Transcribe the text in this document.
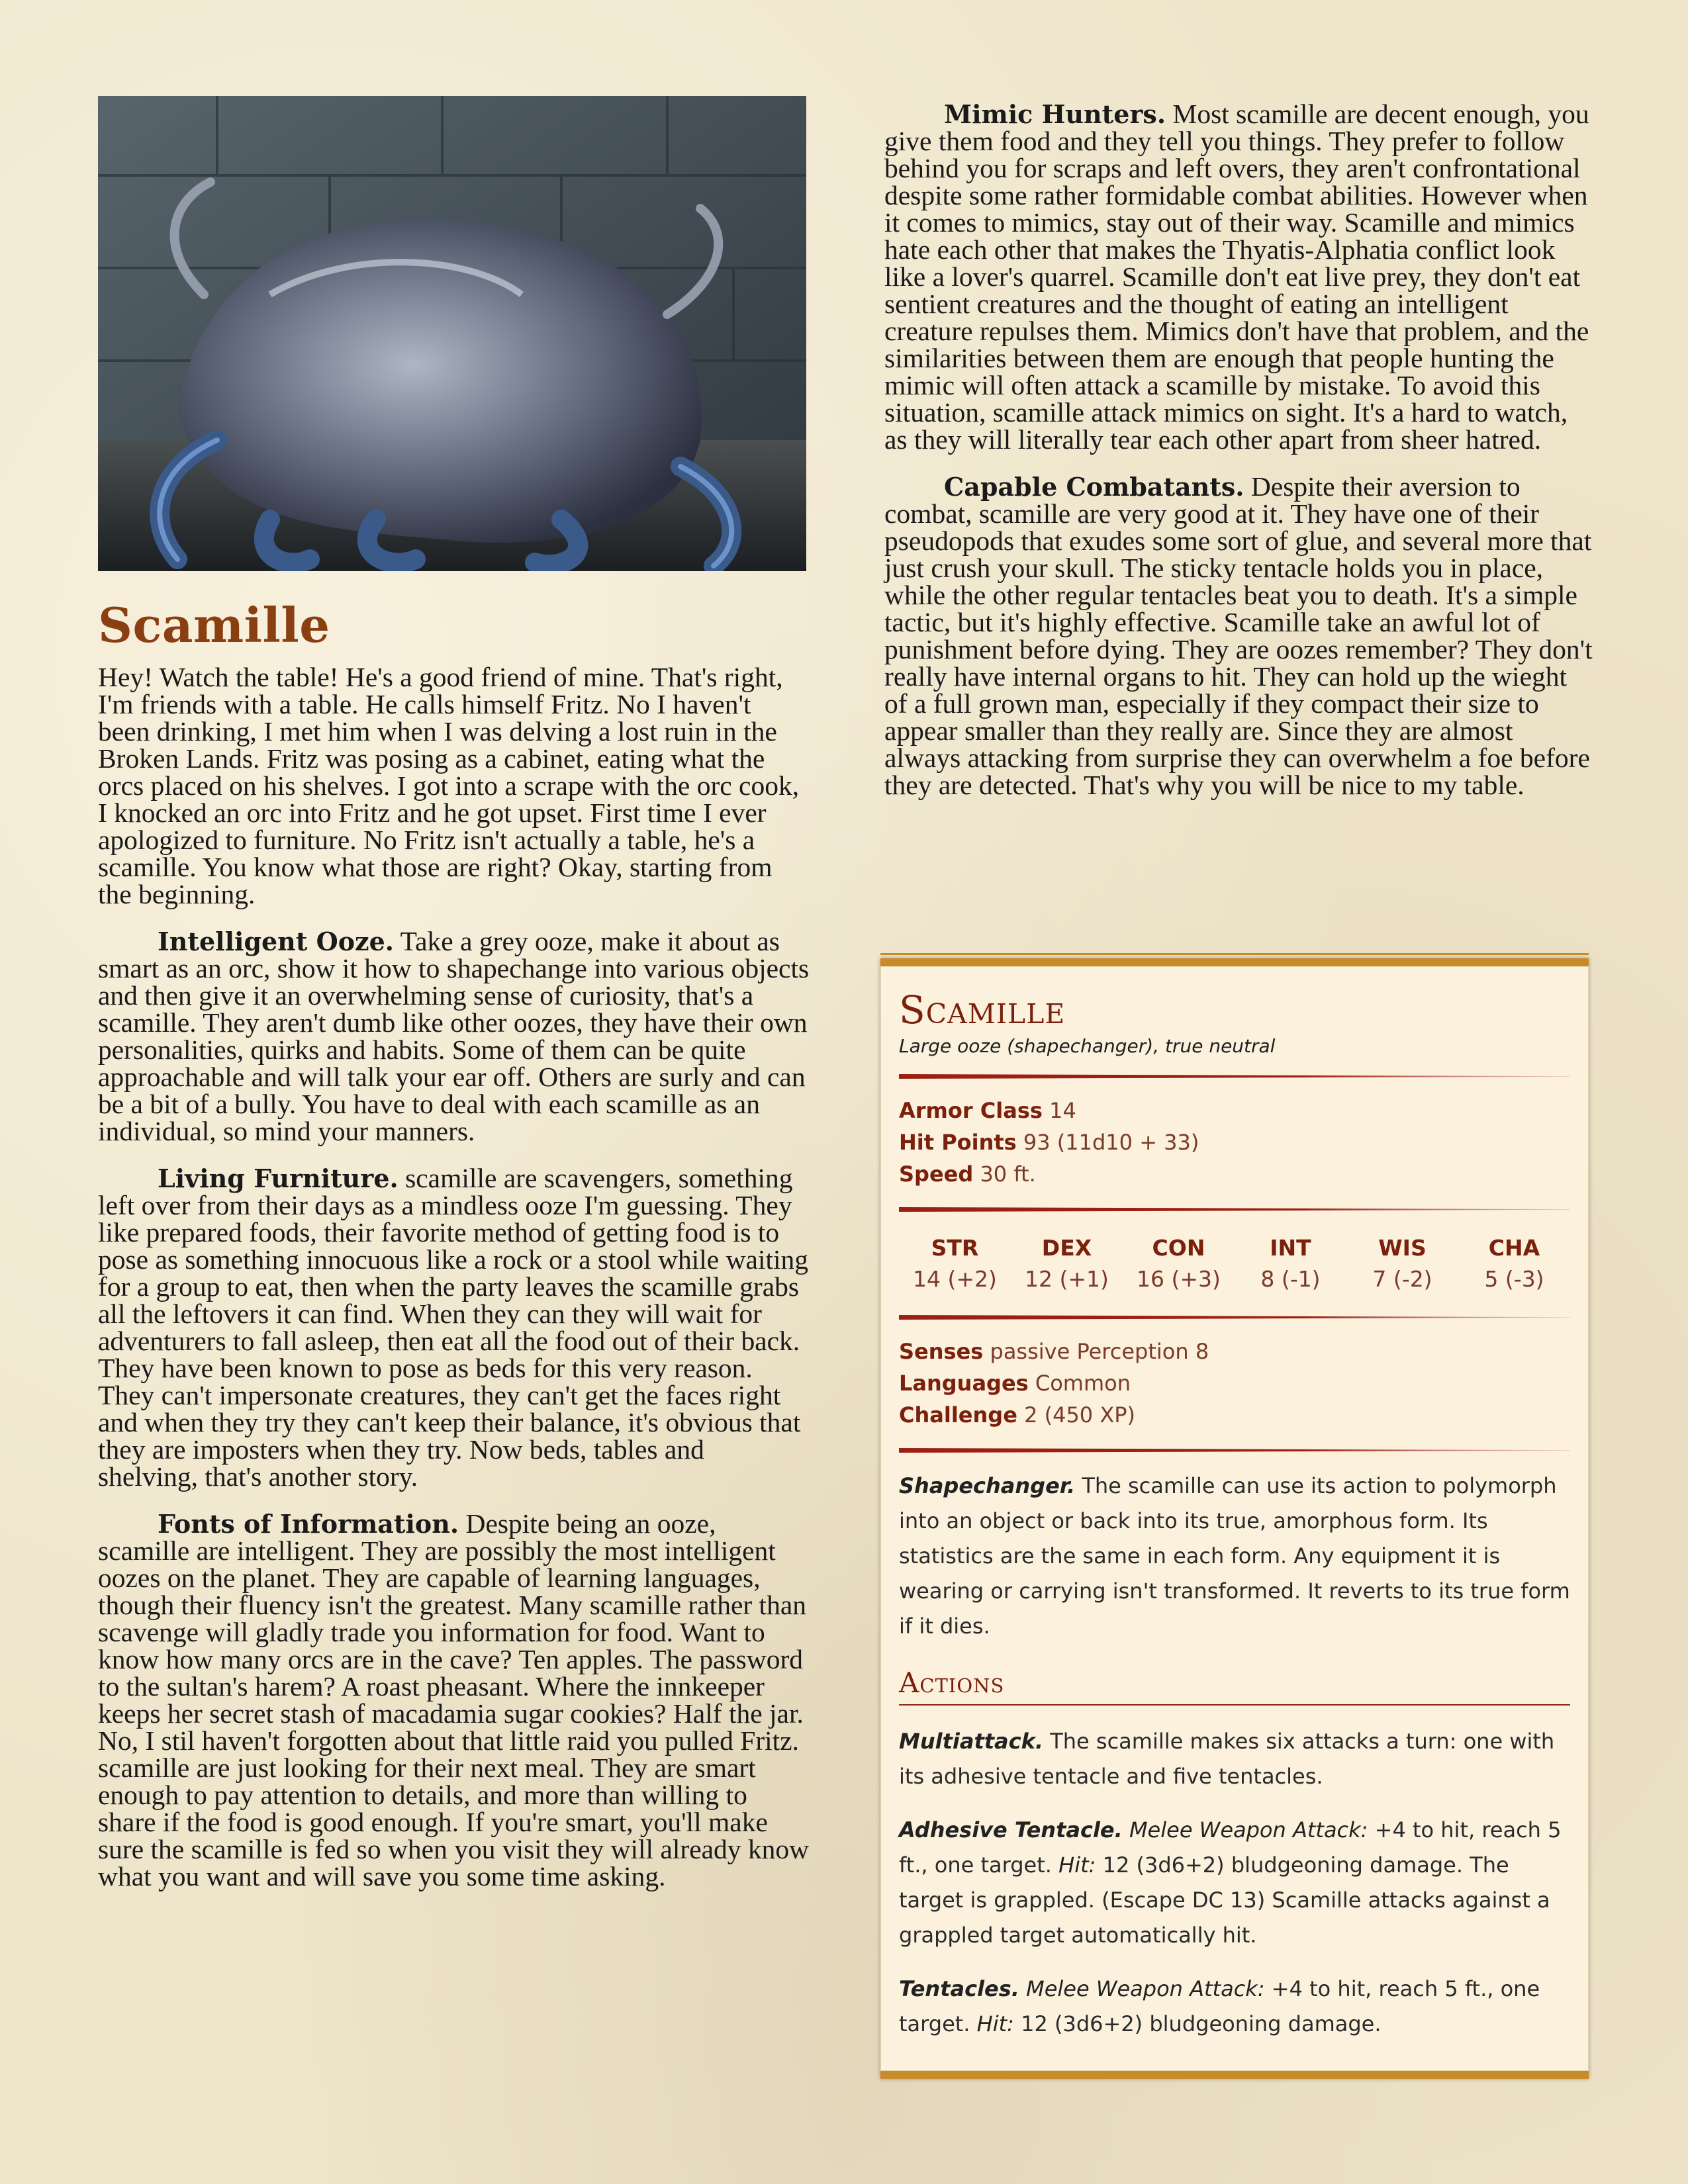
Scamille

Hey! Watch the table! He's a good friend of mine. That's right, I'm friends with a table. He calls himself Fritz. No I haven't been drinking, I met him when I was delving a lost ruin in the Broken Lands. Fritz was posing as a cabinet, eating what the orcs placed on his shelves. I got into a scrape with the orc cook, I knocked an orc into Fritz and he got upset. First time I ever apologized to furniture. No Fritz isn't actually a table, he's a scamille. You know what those are right? Okay, starting from the beginning.

Intelligent Ooze. Take a grey ooze, make it about as smart as an orc, show it how to shapechange into various objects and then give it an overwhelming sense of curiosity, that's a scamille. They aren't dumb like other oozes, they have their own personalities, quirks and habits. Some of them can be quite approachable and will talk your ear off. Others are surly and can be a bit of a bully. You have to deal with each scamille as an individual, so mind your manners.

Living Furniture. scamille are scavengers, something left over from their days as a mindless ooze I'm guessing. They like prepared foods, their favorite method of getting food is to pose as something innocuous like a rock or a stool while waiting for a group to eat, then when the party leaves the scamille grabs all the leftovers it can find. When they can they will wait for adventurers to fall asleep, then eat all the food out of their back. They have been known to pose as beds for this very reason. They can't impersonate creatures, they can't get the faces right and when they try they can't keep their balance, it's obvious that they are imposters when they try. Now beds, tables and shelving, that's another story.

Fonts of Information. Despite being an ooze, scamille are intelligent. They are possibly the most intelligent oozes on the planet. They are capable of learning languages, though their fluency isn't the greatest. Many scamille rather than scavenge will gladly trade you information for food. Want to know how many orcs are in the cave? Ten apples. The password to the sultan's harem? A roast pheasant. Where the innkeeper keeps her secret stash of macadamia sugar cookies? Half the jar. No, I stil haven't forgotten about that little raid you pulled Fritz. scamille are just looking for their next meal. They are smart enough to pay attention to details, and more than willing to share if the food is good enough. If you're smart, you'll make sure the scamille is fed so when you visit they will already know what you want and will save you some time asking.

Mimic Hunters. Most scamille are decent enough, you give them food and they tell you things. They prefer to follow behind you for scraps and left overs, they aren't confrontational despite some rather formidable combat abilities. However when it comes to mimics, stay out of their way. Scamille and mimics hate each other that makes the Thyatis-Alphatia conflict look like a lover's quarrel. Scamille don't eat live prey, they don't eat sentient creatures and the thought of eating an intelligent creature repulses them. Mimics don't have that problem, and the similarities between them are enough that people hunting the mimic will often attack a scamille by mistake. To avoid this situation, scamille attack mimics on sight. It's a hard to watch, as they will literally tear each other apart from sheer hatred.

Capable Combatants. Despite their aversion to combat, scamille are very good at it. They have one of their pseudopods that exudes some sort of glue, and several more that just crush your skull. The sticky tentacle holds you in place, while the other regular tentacles beat you to death. It's a simple tactic, but it's highly effective. Scamille take an awful lot of punishment before dying. They are oozes remember? They don't really have internal organs to hit. They can hold up the wieght of a full grown man, especially if they compact their size to appear smaller than they really are. Since they are almost always attacking from surprise they can overwhelm a foe before they are detected. That's why you will be nice to my table.

Scamille
Large ooze (shapechanger), true neutral
Armor Class 14
Hit Points 93 (11d10 + 33)
Speed 30 ft.
STR
14 (+2)
DEX
12 (+1)
CON
16 (+3)
INT
8 (-1)
WIS
7 (-2)
CHA
5 (-3)
Senses passive Perception 8
Languages Common
Challenge 2 (450 XP)

Shapechanger. The scamille can use its action to polymorph into an object or back into its true, amorphous form. Its statistics are the same in each form. Any equipment it is wearing or carrying isn't transformed. It reverts to its true form if it dies.

Actions

Multiattack. The scamille makes six attacks a turn: one with its adhesive tentacle and five tentacles.

Adhesive Tentacle. Melee Weapon Attack: +4 to hit, reach 5 ft., one target. Hit: 12 (3d6+2) bludgeoning damage. The target is grappled. (Escape DC 13) Scamille attacks against a grappled target automatically hit.

Tentacles. Melee Weapon Attack: +4 to hit, reach 5 ft., one target. Hit: 12 (3d6+2) bludgeoning damage.
